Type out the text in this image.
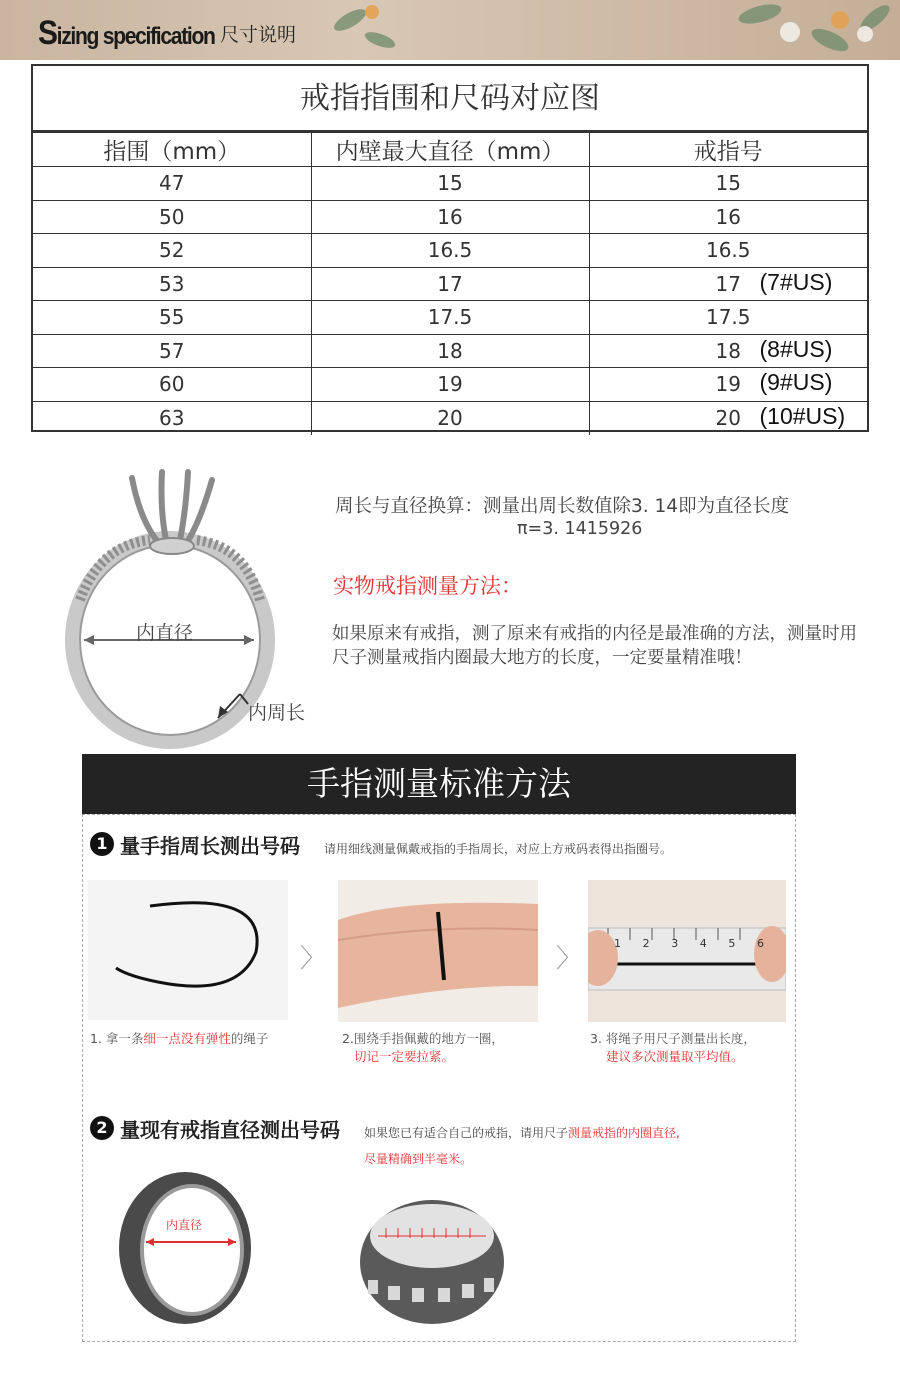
Sizing specification 尺寸说明
戒指指围和尺码对应图
指围（mm）	内壁最大直径（mm）	戒指号
47	15	15
50	16	16
52	16.5	16.5
53	17	17 (7#US)

55	17.5	17.5
57	18	18 (8#US)

60	19	19 (9#US)

63	20	20 (10#US)
内直径
内周长
周长与直径换算：测量出周长数值除3. 14即为直径长度
π=3. 1415926
实物戒指测量方法：
如果原来有戒指，测了原来有戒指的内径是最准确的方法，测量时用尺子测量戒指内圈最大地方的长度，一定要量精准哦！
手指测量标准方法
1 量手指周长测出号码 请用细线测量佩戴戒指的手指周长，对应上方戒码表得出指圈号。
〉	〉
1 2 3 4 5 6
1. 拿一条细一点没有弹性的绳子	2.围绕手指佩戴的地方一圈，
切记一定要拉紧。
3. 将绳子用尺子测量出长度，
建议多次测量取平均值。
2 量现有戒指直径测出号码 如果您已有适合自己的戒指，请用尺子测量戒指的内圈直径,
尽量精确到半毫米。
内直径
